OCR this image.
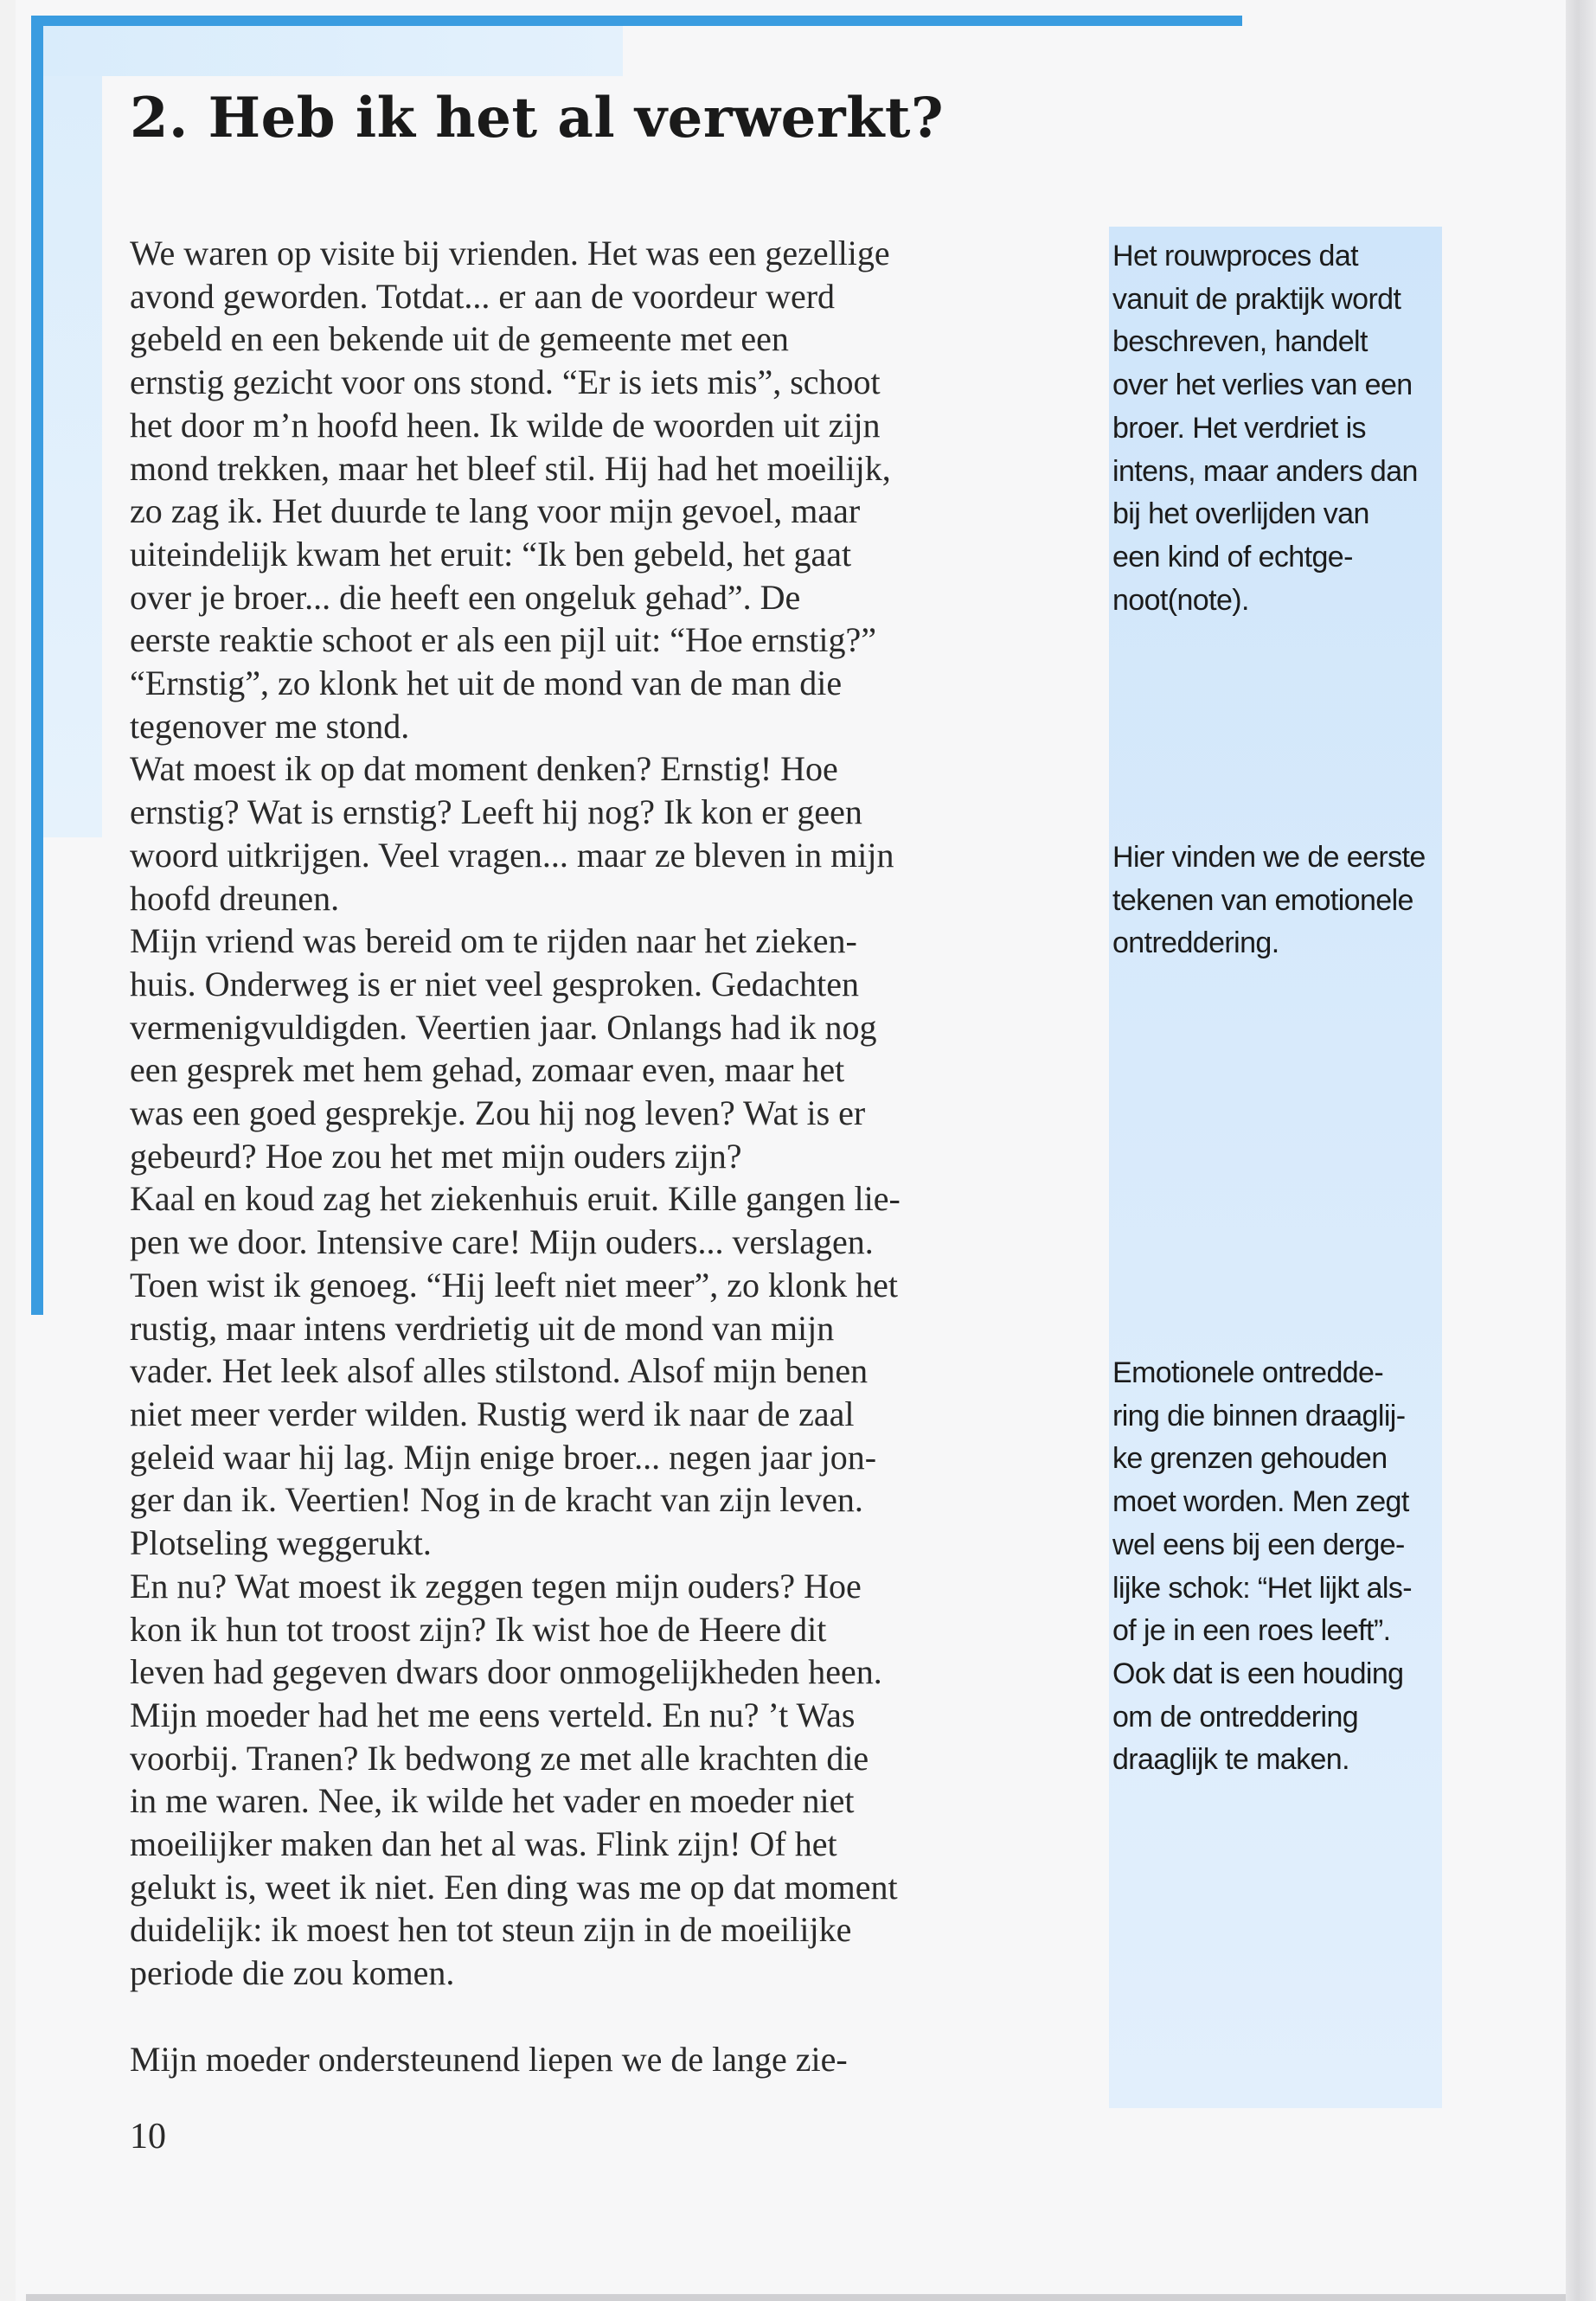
2. Heb ik het al verwerkt?
We waren op visite bij vrienden. Het was een gezellige
avond geworden. Totdat... er aan de voordeur werd
gebeld en een bekende uit de gemeente met een
ernstig gezicht voor ons stond. “Er is iets mis”, schoot
het door m’n hoofd heen. Ik wilde de woorden uit zijn
mond trekken, maar het bleef stil. Hij had het moeilijk,
zo zag ik. Het duurde te lang voor mijn gevoel, maar
uiteindelijk kwam het eruit: “Ik ben gebeld, het gaat
over je broer... die heeft een ongeluk gehad”. De
eerste reaktie schoot er als een pijl uit: “Hoe ernstig?”
“Ernstig”, zo klonk het uit de mond van de man die
tegenover me stond.
Wat moest ik op dat moment denken? Ernstig! Hoe
ernstig? Wat is ernstig? Leeft hij nog? Ik kon er geen
woord uitkrijgen. Veel vragen... maar ze bleven in mijn
hoofd dreunen.
Mijn vriend was bereid om te rijden naar het zieken-
huis. Onderweg is er niet veel gesproken. Gedachten
vermenigvuldigden. Veertien jaar. Onlangs had ik nog
een gesprek met hem gehad, zomaar even, maar het
was een goed gesprekje. Zou hij nog leven? Wat is er
gebeurd? Hoe zou het met mijn ouders zijn?
Kaal en koud zag het ziekenhuis eruit. Kille gangen lie-
pen we door. Intensive care! Mijn ouders... verslagen.
Toen wist ik genoeg. “Hij leeft niet meer”, zo klonk het
rustig, maar intens verdrietig uit de mond van mijn
vader. Het leek alsof alles stilstond. Alsof mijn benen
niet meer verder wilden. Rustig werd ik naar de zaal
geleid waar hij lag. Mijn enige broer... negen jaar jon-
ger dan ik. Veertien! Nog in de kracht van zijn leven.
Plotseling weggerukt.
En nu? Wat moest ik zeggen tegen mijn ouders? Hoe
kon ik hun tot troost zijn? Ik wist hoe de Heere dit
leven had gegeven dwars door onmogelijkheden heen.
Mijn moeder had het me eens verteld. En nu? ’t Was
voorbij. Tranen? Ik bedwong ze met alle krachten die
in me waren. Nee, ik wilde het vader en moeder niet
moeilijker maken dan het al was. Flink zijn! Of het
gelukt is, weet ik niet. Een ding was me op dat moment
duidelijk: ik moest hen tot steun zijn in de moeilijke
periode die zou komen.
Mijn moeder ondersteunend liepen we de lange zie-
Het rouwproces dat
vanuit de praktijk wordt
beschreven, handelt
over het verlies van een
broer. Het verdriet is
intens, maar anders dan
bij het overlijden van
een kind of echtge-
noot(note).
Hier vinden we de eerste
tekenen van emotionele
ontreddering.
Emotionele ontredde-
ring die binnen draaglij-
ke grenzen gehouden
moet worden. Men zegt
wel eens bij een derge-
lijke schok: “Het lijkt als-
of je in een roes leeft”.
Ook dat is een houding
om de ontreddering
draaglijk te maken.
10
